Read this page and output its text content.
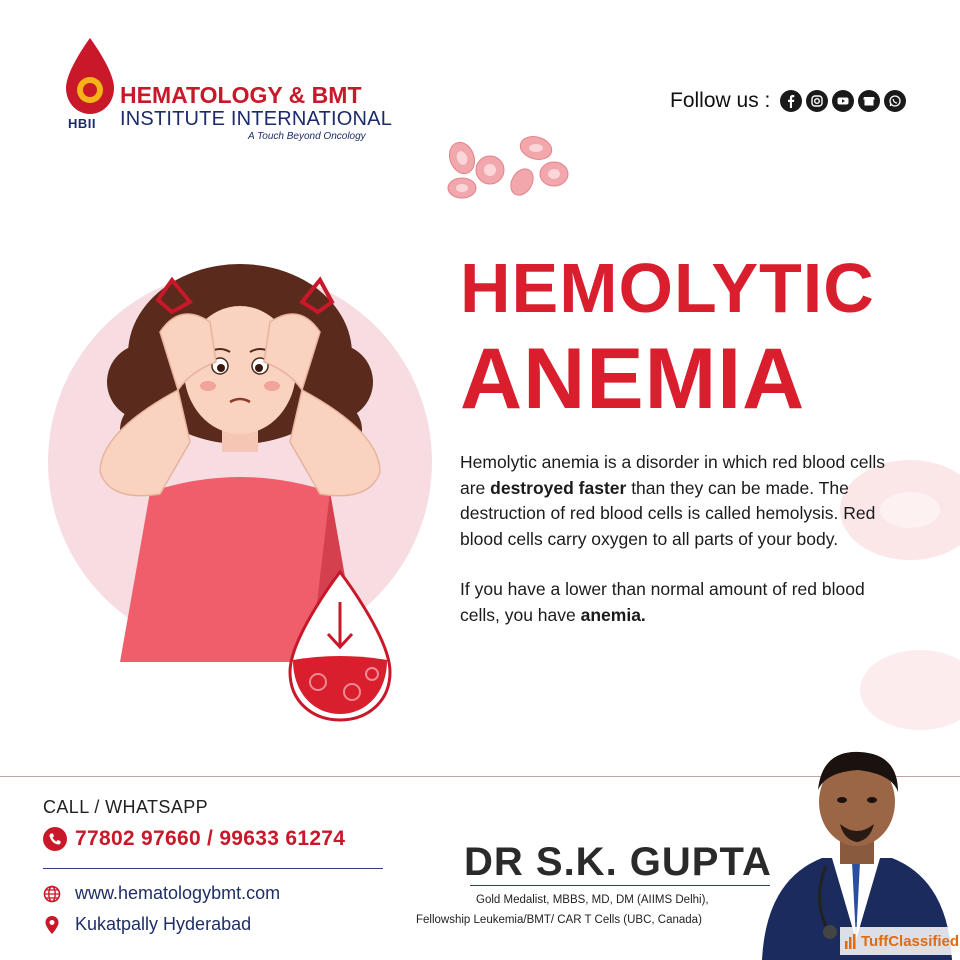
HBII
HEMATOLOGY & BMT
INSTITUTE INTERNATIONAL
A Touch Beyond Oncology
Follow us :
HEMOLYTIC
ANEMIA

Hemolytic anemia is a disorder in which red blood cells are destroyed faster than they can be made. The destruction of red blood cells is called hemolysis. Red blood cells carry oxygen to all parts of your body.

If you have a lower than normal amount of red blood cells, you have anemia.

CALL / WHATSAPP
77802 97660 / 99633 61274
www.hematologybmt.com
Kukatpally Hyderabad
DR S.K. GUPTA
Gold Medalist, MBBS, MD, DM (AIIMS Delhi),
Fellowship Leukemia/BMT/ CAR T Cells (UBC, Canada)
TuffClassified
